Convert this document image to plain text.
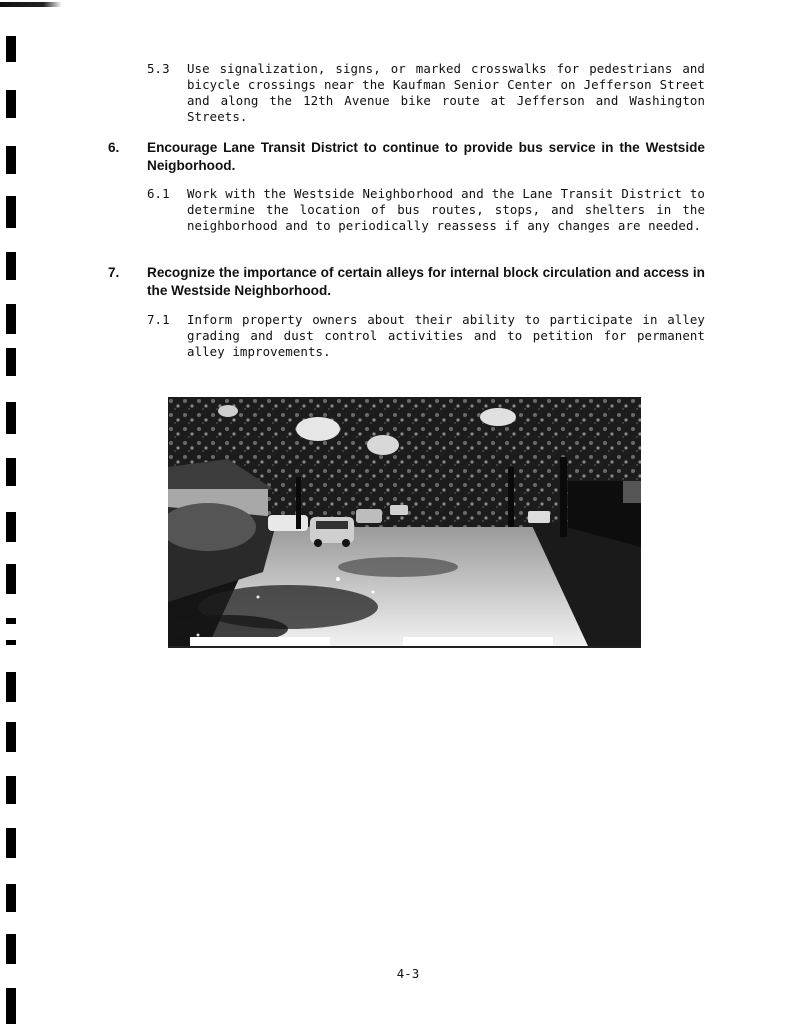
5.3 Use signalization, signs, or marked crosswalks for pedestrians and bicycle crossings near the Kaufman Senior Center on Jefferson Street and along the 12th Avenue bike route at Jefferson and Washington Streets.

6. Encourage Lane Transit District to continue to provide bus service in the Westside Neigborhood.

6.1 Work with the Westside Neighborhood and the Lane Transit District to determine the location of bus routes, stops, and shelters in the neighborhood and to periodically reassess if any changes are needed.

7. Recognize the importance of certain alleys for internal block circulation and access in the Westside Neighborhood.

7.1 Inform property owners about their ability to participate in alley grading and dust control activities and to petition for permanent alley improvements.

4-3
